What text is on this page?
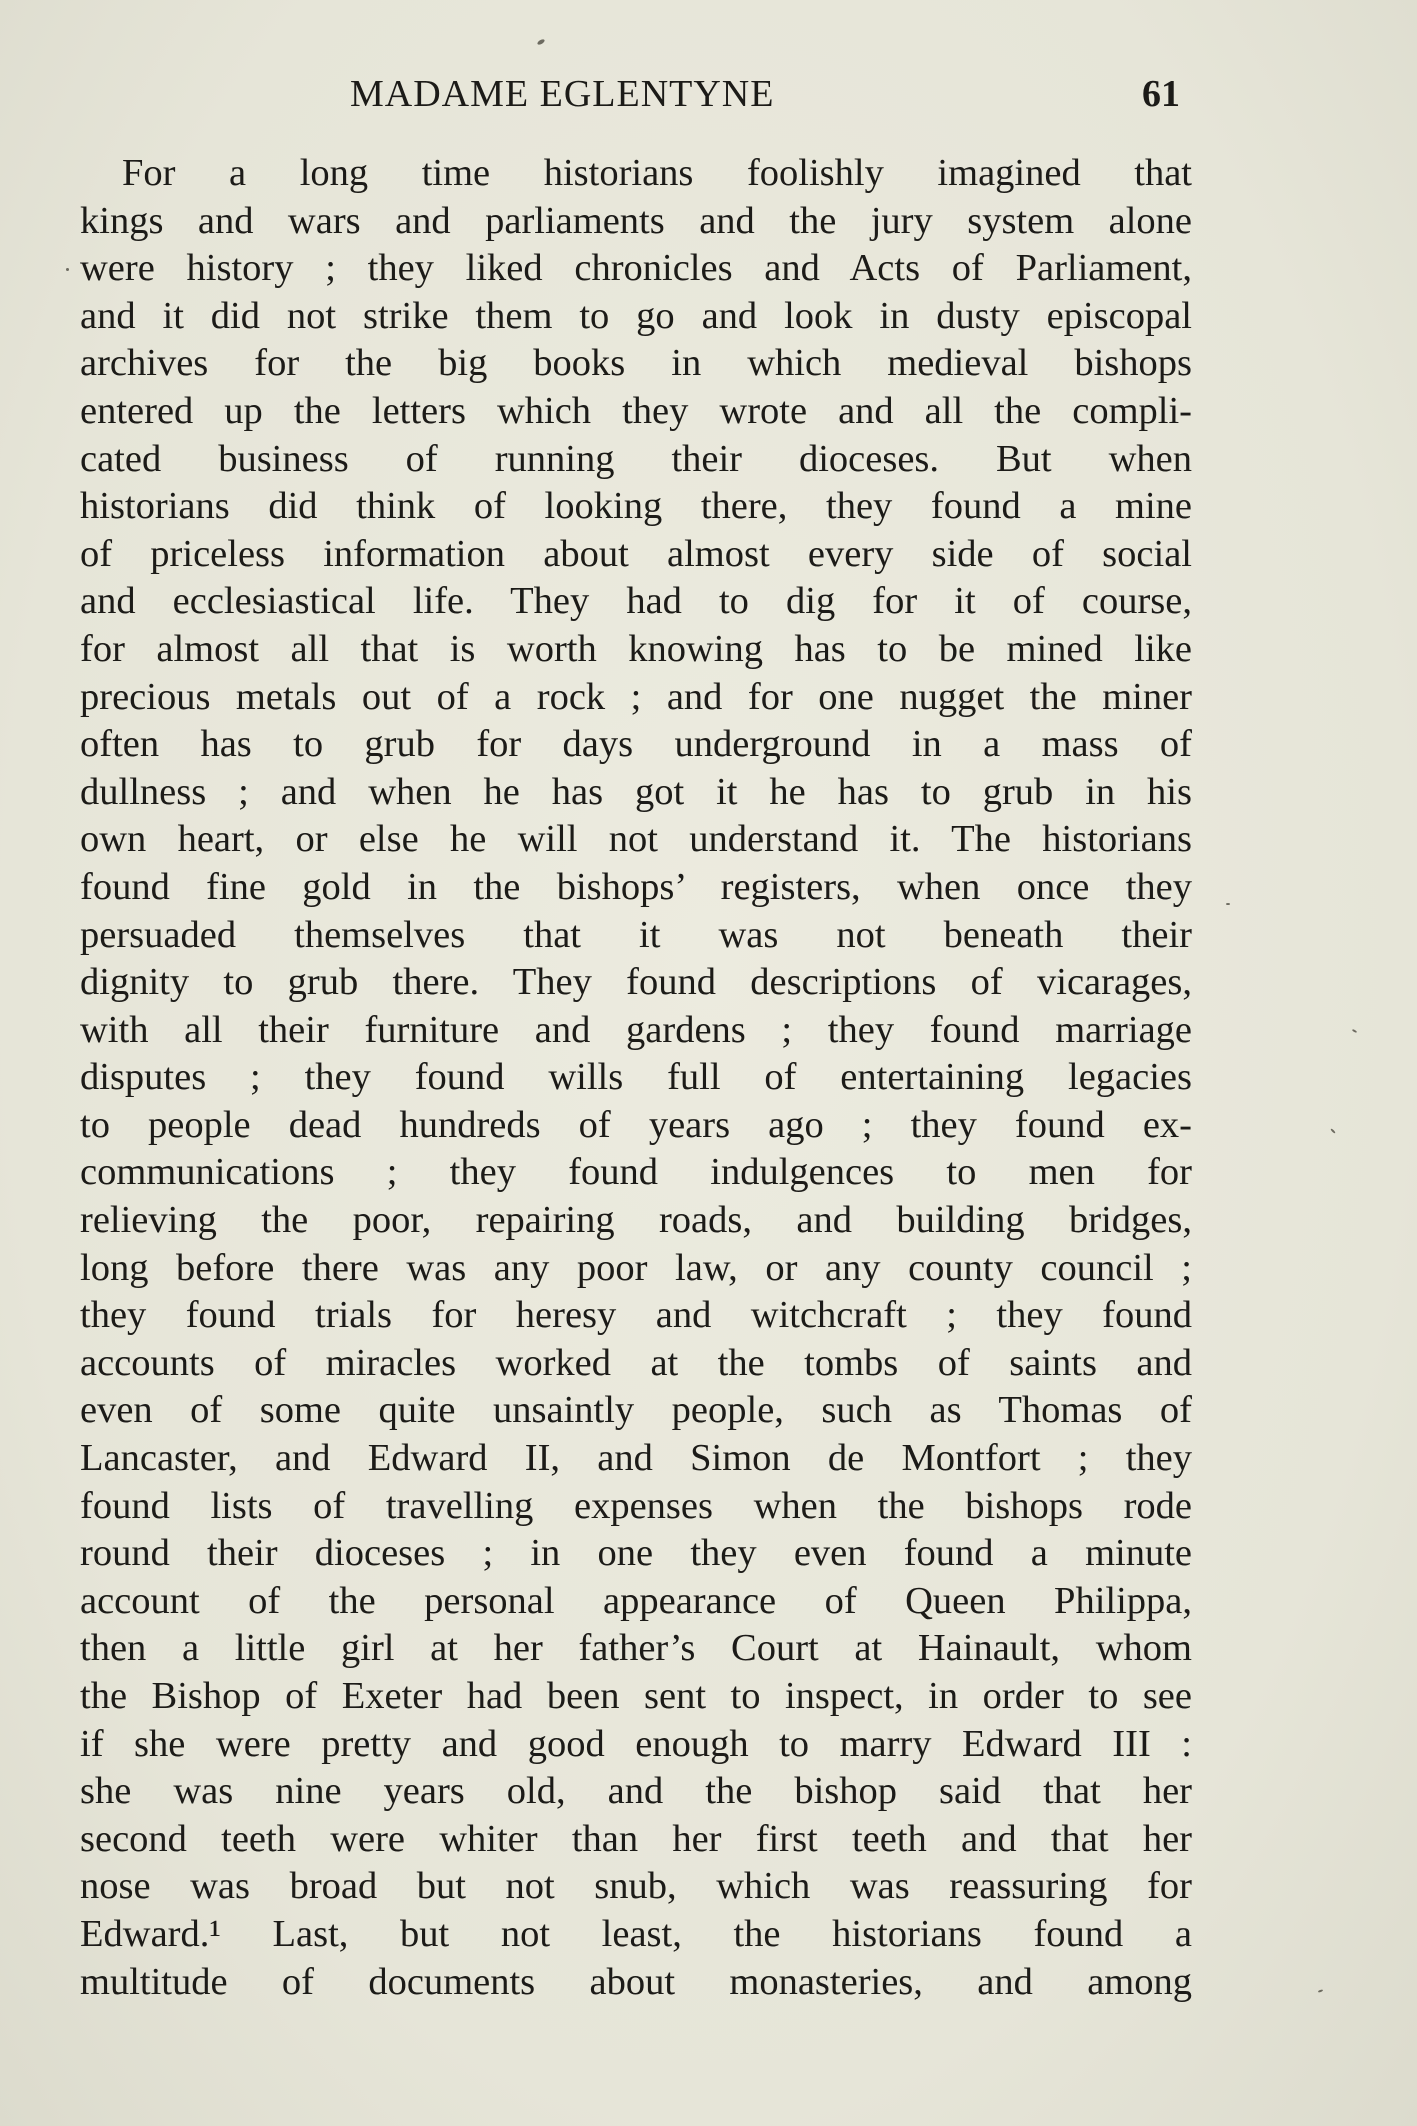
MADAME EGLENTYNE	61
For a long time historians foolishly imagined that
kings and wars and parliaments and the jury system alone
were history ; they liked chronicles and Acts of Parliament,
and it did not strike them to go and look in dusty episcopal
archives for the big books in which medieval bishops
entered up the letters which they wrote and all the compli-
cated business of running their dioceses. But when
historians did think of looking there, they found a mine
of priceless information about almost every side of social
and ecclesiastical life. They had to dig for it of course,
for almost all that is worth knowing has to be mined like
precious metals out of a rock ; and for one nugget the miner
often has to grub for days underground in a mass of
dullness ; and when he has got it he has to grub in his
own heart, or else he will not understand it. The historians
found fine gold in the bishops’ registers, when once they
persuaded themselves that it was not beneath their
dignity to grub there. They found descriptions of vicarages,
with all their furniture and gardens ; they found marriage
disputes ; they found wills full of entertaining legacies
to people dead hundreds of years ago ; they found ex-
communications ; they found indulgences to men for
relieving the poor, repairing roads, and building bridges,
long before there was any poor law, or any county council ;
they found trials for heresy and witchcraft ; they found
accounts of miracles worked at the tombs of saints and
even of some quite unsaintly people, such as Thomas of
Lancaster, and Edward II, and Simon de Montfort ; they
found lists of travelling expenses when the bishops rode
round their dioceses ; in one they even found a minute
account of the personal appearance of Queen Philippa,
then a little girl at her father’s Court at Hainault, whom
the Bishop of Exeter had been sent to inspect, in order to see
if she were pretty and good enough to marry Edward III :
she was nine years old, and the bishop said that her
second teeth were whiter than her first teeth and that her
nose was broad but not snub, which was reassuring for
Edward.¹ Last, but not least, the historians found a
multitude of documents about monasteries, and among
